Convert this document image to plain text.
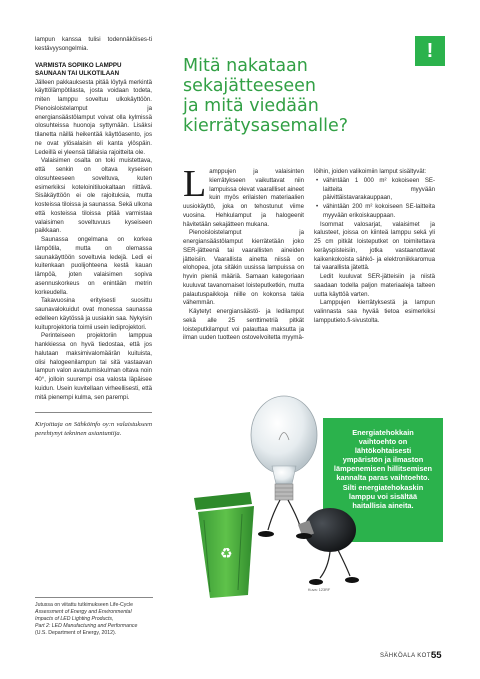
lampun kanssa tulisi todennäköises-ti kestävyysongelmia.

VARMISTA SOPIIKO LAMPPU SAUNAAN TAI ULKOTILAAN

Jälleen pakkauksesta pitää löytyä merkintä käyttölämpötilasta, josta voidaan todeta, miten lamppu soveltuu ulkokäyttöön. Pienoisloistelamput ja energiansäästölamput voivat olla kylmissä olosuhteissa huonoja syttymään. Lisäksi tilanetta näillä heikentää käyttöasento, jos ne ovat ylösalaisin eli kanta ylöspäin. Ledeillä ei yleensä tällaisia rajoitteita ole.

Valaisimen osalta on toki muistettava, että senkin on oltava kyseisen olosuhteeseen soveltuva, kuten esimerkiksi koteloinitiluokaltaan riittävä. Sisäkäyttöön ei ole rajoituksia, mutta kosteissa tiloissa ja saunassa. Sekä ulkona että kosteissa tiloissa pitää varmistaa valaisimen soveltuvuus kyseiseen paikkaan.

Saunassa ongelmana on korkea lämpötila, mutta on olemassa saunakäyttöön soveltuvia ledejä. Ledi ei kuitenkaan puolijohteena kestä kauan lämpöä, joten valaisimen sopiva asennuskorkeus on enintään metrin korkeudella.

Takavuosina erityisesti suosittu saunavalokuidut ovat monessa saunassa edelleen käytössä ja uusiakin saa. Nykyisin kuituprojektoria toimii usein lediprojektori.

Perinteiseen projektoriin lamppua hankkiessa on hyvä tiedostaa, että jos halutaan maksimivalomäärän kuituista, olisi halogeenilampun tai sitä vastaavan lampun valon avautumiskulman oltava noin 40°, jolloin suurempi osa valosta läpäisee kuidun. Usein kuvitellaan virheellisesti, että mitä pienempi kulma, sen parempi.

Kirjoittaja on Sähköinfo oy:n valaistukseen perehtynyt tekninen asiantuntija.

Jutussa on viitattu tutkimukseen Life-Cycle
Assessment of Energy and Environmental
Impacts of LED Lighting Products,
Part 2: LED Manufacturing and Performance
(U.S. Department of Energy, 2012).
!
Mitä nakataan
sekajätteeseen
ja mitä viedään
kierrätysasemalle?

Lamppujen ja valaisinten kierrätykseen vaikuttavat niin lampuissa olevat vaarallliset aineet kuin myös erilaisten materiaalien uusiokäyttö, joka on tehostunut viime vuosina. Hehkulamput ja halogeenit hävitetään sekajätteen mukana.

Pienoisloistelamput ja energiansäästölamput kierrätetään joko SER-jätteenä tai vaarallisten aineiden jätteisiin. Vaarallista ainetta niissä on elohopea, jota sitäkin uusissa lampuissa on hyvin pieniä määriä. Samaan kategoriaan kuuluvat tavanomaiset loisteputketkin, mutta palautuspaikkoja niille on kokonsa takia vähemmän.

Käytetyt energiansäästö- ja ledilamput sekä alle 25 senttimetriä pitkät loisteputkilamput voi palauttaa maksutta ja ilman uuden tuotteen ostovelvoitetta myymä-

löihin, joiden valikoimiin lamput sisältyvät:

• vähintään 1 000 m² kokoiseen SE-laitteita myyvään päivittäistavarakauppaan,
• vähintään 200 m² kokoiseen SE-laitteita myyvään erikoiskauppaan.

Isommat valosarjat, valaisimet ja kalusteet, joissa on kiinteä lamppu sekä yli 25 cm pitkät loisteputket on toimitettava keräyspisteisiin, jotka vastaanottavat kaikenkokoista sähkö- ja elektroniikkaromua tai vaarallista jätettä.

Ledit kuuluvat SER-jätteisiin ja niistä saadaan todella paljon materiaaleja talteen uutta käyttöä varten.

Lamppujen kierrätyksestä ja lampun valinnasta saa hyvää tietoa esimerkiksi lampputieto.fi-sivustolta.

Energiatehokkain
vaihtoehto on
lähtökohtaisesti
ympäristön ja ilmaston
lämpenemisen hillitsemisen
kannalta paras vaihtoehto.
Silti energiatehokaskin
lamppu voi sisältää
haitallisia aineita.
♻
Kuva: 123RF
SÄHKÖALA KOTI
55
